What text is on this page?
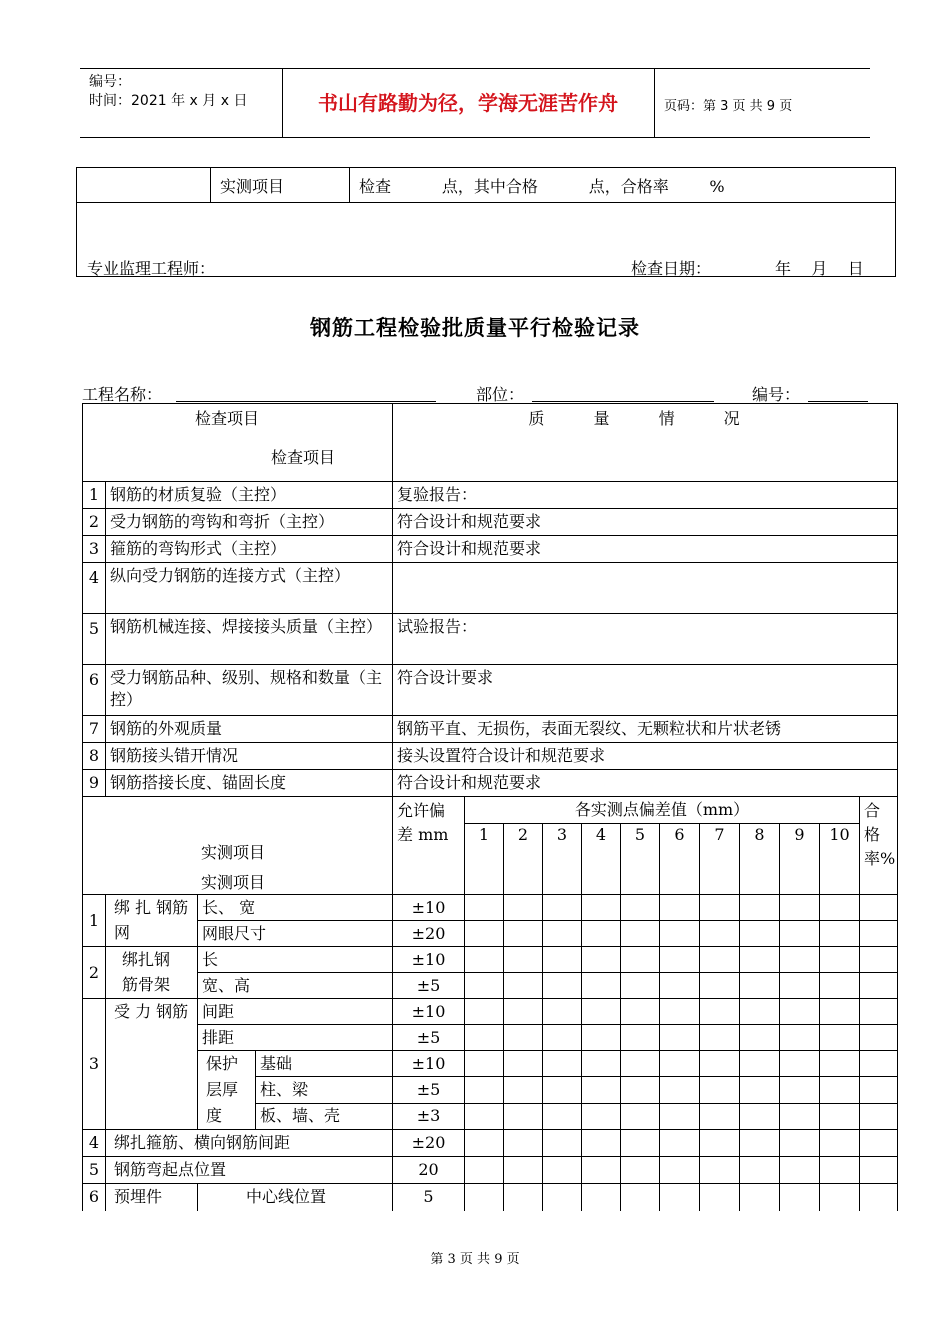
编号：
时间：2021 年 x 月 x 日	书山有路勤为径，学海无涯苦作舟	页码：第 3 页 共 9 页
实测项目	检查          点，其中合格          点，合格率        %
专业监理工程师：	检查日期：	年    月    日
钢筋工程检验批质量平行检验记录
工程名称：	部位：	编号：
检查项目
检查项目				质 量 情 况											
1	钢筋的材质复验（主控）			复验报告：											
2	受力钢筋的弯钩和弯折（主控）			符合设计和规范要求											
3	箍筋的弯钩形式（主控）			符合设计和规范要求											
4	纵向受力钢筋的连接方式（主控）														
5	钢筋机械连接、焊接接头质量（主控）			试验报告：											
6	受力钢筋品种、级别、规格和数量（主控）			符合设计要求											
7	钢筋的外观质量			钢筋平直、无损伤，表面无裂纹、无颗粒状和片状老锈											
8	钢筋接头错开情况			接头设置符合设计和规范要求											
9	钢筋搭接长度、锚固长度			符合设计和规范要求											

实测项目
实测项目				允许偏差 mm	各实测点偏差值（mm）										合格率%
					1	2	3	4	5	6	7	8	9	10	
1	绑 扎 钢筋网	长、 宽		±10											
		网眼尺寸		±20											
2	绑扎钢筋骨架	长		±10											
		宽、高		±5											
3	受 力 钢筋	间距		±10											
		排距		±5											
		保护层厚度	基础	±10											
			柱、梁	±5											
			板、墙、壳	±3											
4	绑扎箍筋、横向钢筋间距			±20											
5	钢筋弯起点位置			20											
6	预埋件	中心线位置		5											
第 3 页 共 9 页
